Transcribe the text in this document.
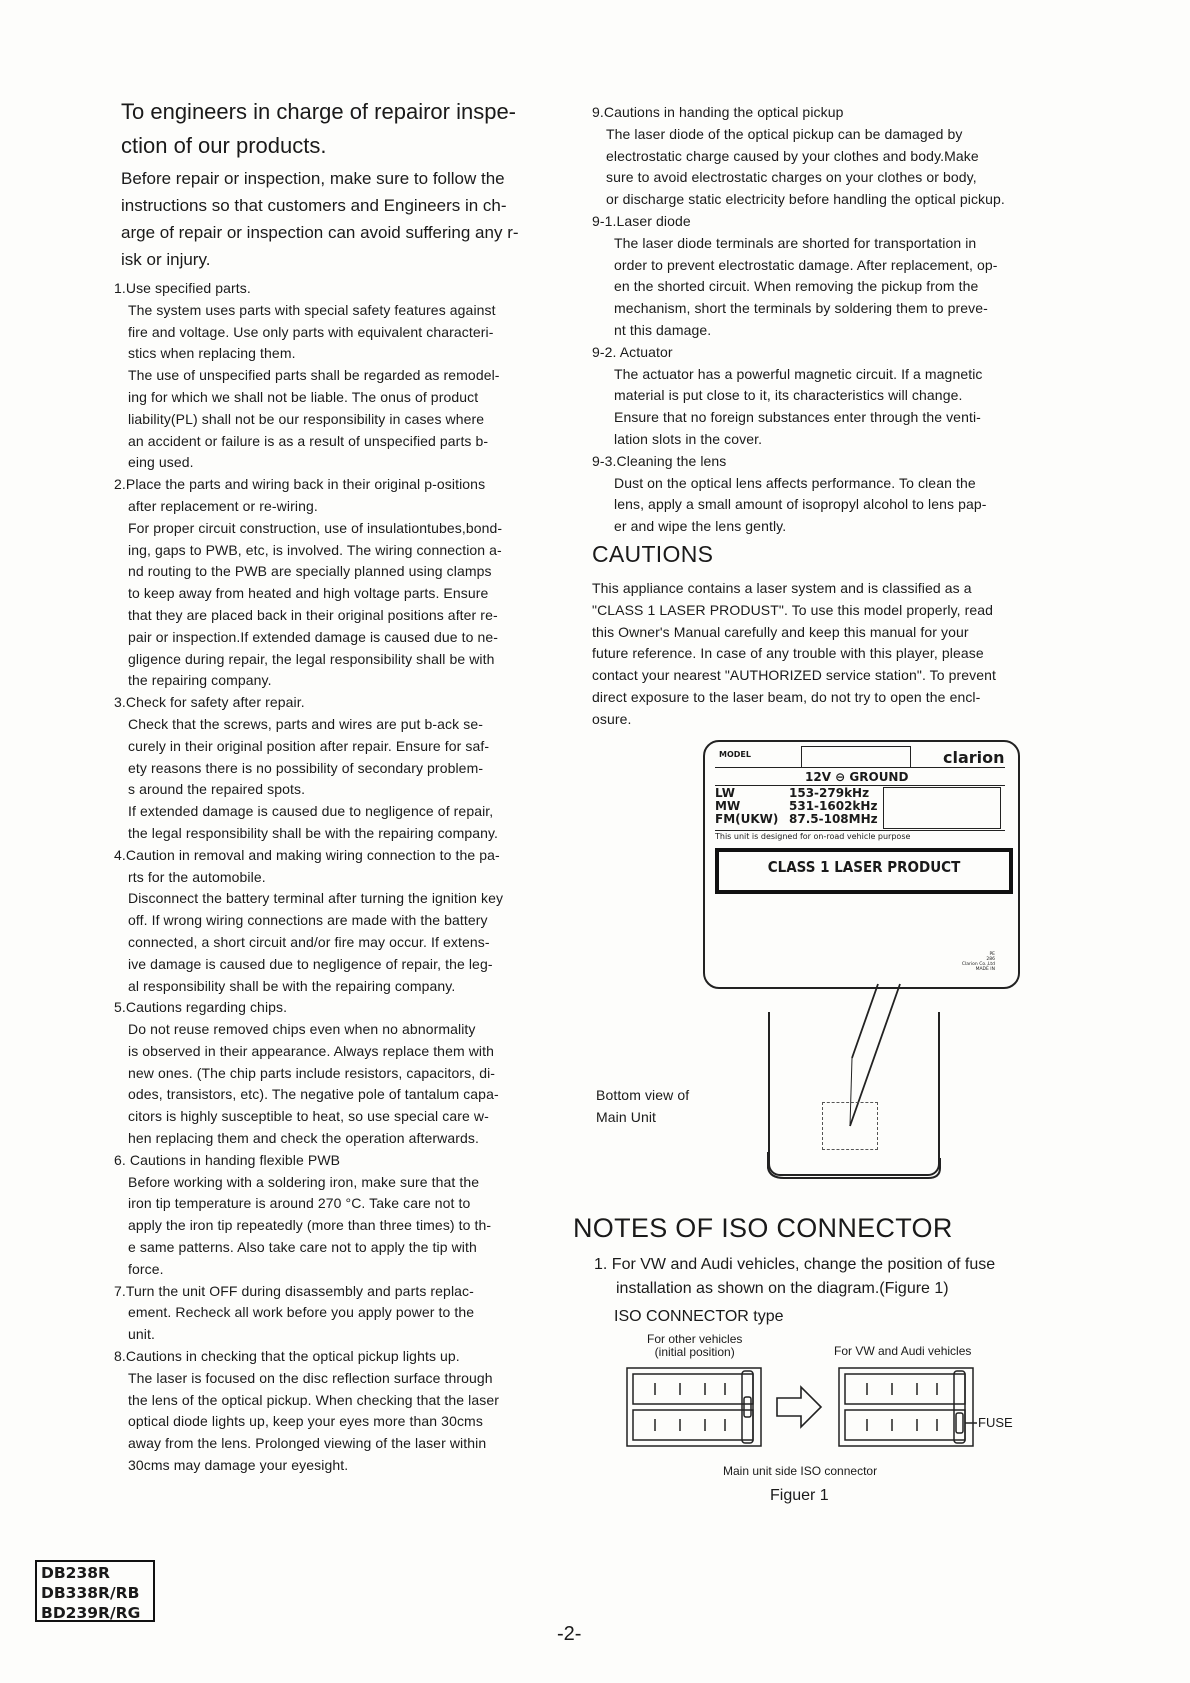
To engineers in charge of repairor inspe-
ction of our products.
Before repair or inspection, make sure to follow the
instructions so that customers and Engineers in ch-
arge of repair or inspection can avoid suffering any r-
isk or injury.

1.Use specified parts.

The system uses parts with special safety features against

fire and voltage. Use only parts with equivalent characteri-

stics when replacing them.

The use of unspecified parts shall be regarded as remodel-

ing for which we shall not be liable. The onus of product

liability(PL) shall not be our responsibility in cases where

an accident or failure is as a result of unspecified parts b-

eing used.

2.Place the parts and wiring back in their original p-ositions

after replacement or re-wiring.

For proper circuit construction, use of insulationtubes,bond-

ing, gaps to PWB, etc, is involved. The wiring connection a-

nd routing to the PWB are specially planned using clamps

to keep away from heated and high voltage parts. Ensure

that they are placed back in their original positions after re-

pair or inspection.If extended damage is caused due to ne-

gligence during repair, the legal responsibility shall be with

the repairing company.

3.Check for safety after repair.

Check that the screws, parts and wires are put b-ack se-

curely in their original position after repair. Ensure for saf-

ety reasons there is no possibility of secondary problem-

s around the repaired spots.

If extended damage is caused due to negligence of repair,

the legal responsibility shall be with the repairing company.

4.Caution in removal and making wiring connection to the pa-

rts for the automobile.

Disconnect the battery terminal after turning the ignition key

off. If wrong wiring connections are made with the battery

connected, a short circuit and/or fire may occur. If extens-

ive damage is caused due to negligence of repair, the leg-

al responsibility shall be with the repairing company.

5.Cautions regarding chips.

Do not reuse removed chips even when no abnormality

is observed in their appearance. Always replace them with

new ones. (The chip parts include resistors, capacitors, di-

odes, transistors, etc). The negative pole of tantalum capa-

citors is highly susceptible to heat, so use special care w-

hen replacing them and check the operation afterwards.

6. Cautions in handing flexible PWB

Before working with a soldering iron, make sure that the

iron tip temperature is around 270 °C. Take care not to

apply the iron tip repeatedly (more than three times) to th-

e same patterns. Also take care not to apply the tip with

force.

7.Turn the unit OFF during disassembly and parts replac-

ement. Recheck all work before you apply power to the

unit.

8.Cautions in checking that the optical pickup lights up.

The laser is focused on the disc reflection surface through

the lens of the optical pickup. When checking that the laser

optical diode lights up, keep your eyes more than 30cms

away from the lens. Prolonged viewing of the laser within

30cms may damage your eyesight.

9.Cautions in handing the optical pickup

The laser diode of the optical pickup can be damaged by

electrostatic charge caused by your clothes and body.Make

sure to avoid electrostatic charges on your clothes or body,

or discharge static electricity before handling the optical pickup.

9-1.Laser diode

The laser diode terminals are shorted for transportation in

order to prevent electrostatic damage. After replacement, op-

en the shorted circuit. When removing the pickup from the

mechanism, short the terminals by soldering them to preve-

nt this damage.

9-2. Actuator

The actuator has a powerful magnetic circuit. If a magnetic

material is put close to it, its characteristics will change.

Ensure that no foreign substances enter through the venti-

lation slots in the cover.

9-3.Cleaning the lens

Dust on the optical lens affects performance. To clean the

lens, apply a small amount of isopropyl alcohol to lens pap-

er and wipe the lens gently.

CAUTIONS

This appliance contains a laser system and is classified as a

"CLASS 1 LASER PRODUST". To use this model properly, read

this Owner's Manual carefully and keep this manual for your

future reference. In case of any trouble with this player, please

contact your nearest "AUTHORIZED service station". To prevent

direct exposure to the laser beam, do not try to open the encl-

osure.

MODEL	clarion
12V ⊖ GROUND
LW
MW
FM(UKW)
153-279kHz
531-1602kHz
87.5-108MHz
This unit is designed for on-road vehicle purpose
CLASS 1 LASER PRODUCT
PE
286
Clarion Co.,Ltd
MADE IN
Bottom view of
Main Unit
NOTES OF ISO CONNECTOR
1. For VW and Audi vehicles, change the position of fuse
installation as shown on the diagram.(Figure 1)
ISO CONNECTOR type
For other vehicles
(initial position)	For VW and Audi vehicles
FUSE
Main unit side ISO connector
Figuer 1
DB238R
DB338R/RB
BD239R/RG
-2-
